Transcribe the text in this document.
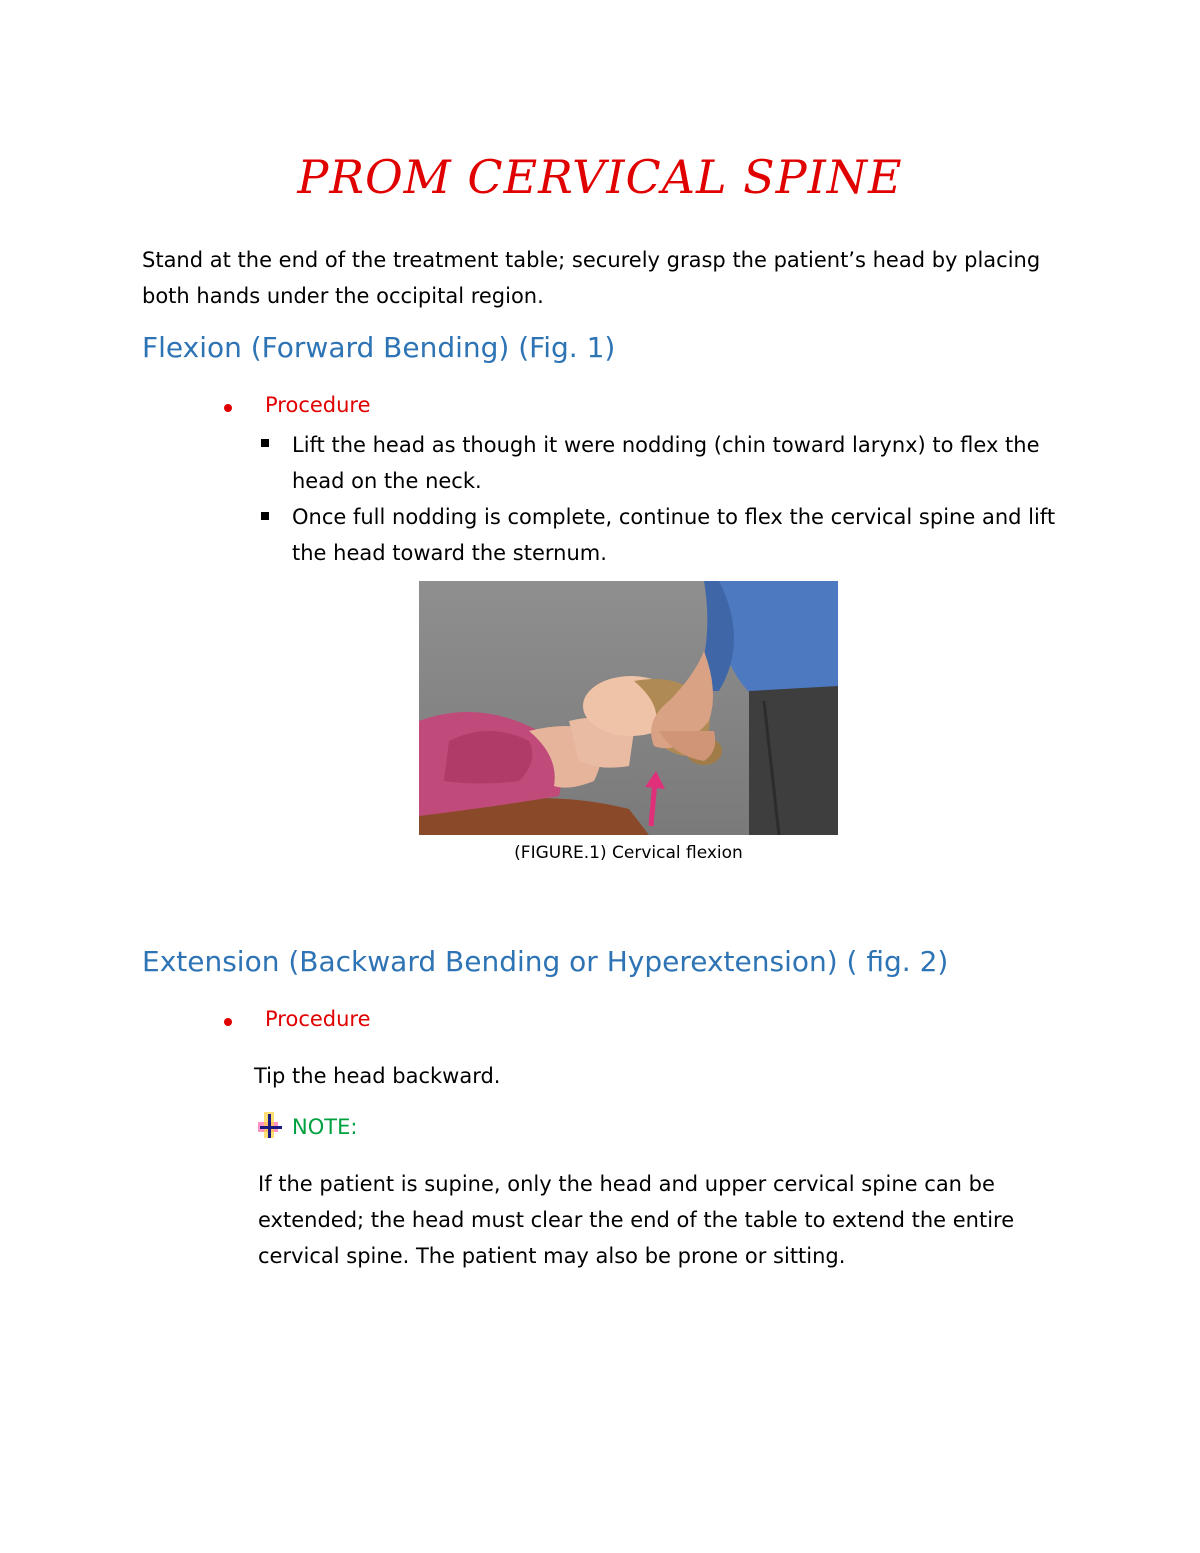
PROM CERVICAL SPINE
Stand at the end of the treatment table; securely grasp the patient’s head by placing both hands under the occipital region.
Flexion (Forward Bending) (Fig. 1)
Procedure
Lift the head as though it were nodding (chin toward larynx) to flex the head on the neck.
Once full nodding is complete, continue to flex the cervical spine and lift the head toward the sternum.
(FIGURE.1) Cervical flexion
Extension (Backward Bending or Hyperextension) ( fig. 2)
Procedure
Tip the head backward.
NOTE:
If the patient is supine, only the head and upper cervical spine can be extended; the head must clear the end of the table to extend the entire cervical spine. The patient may also be prone or sitting.
